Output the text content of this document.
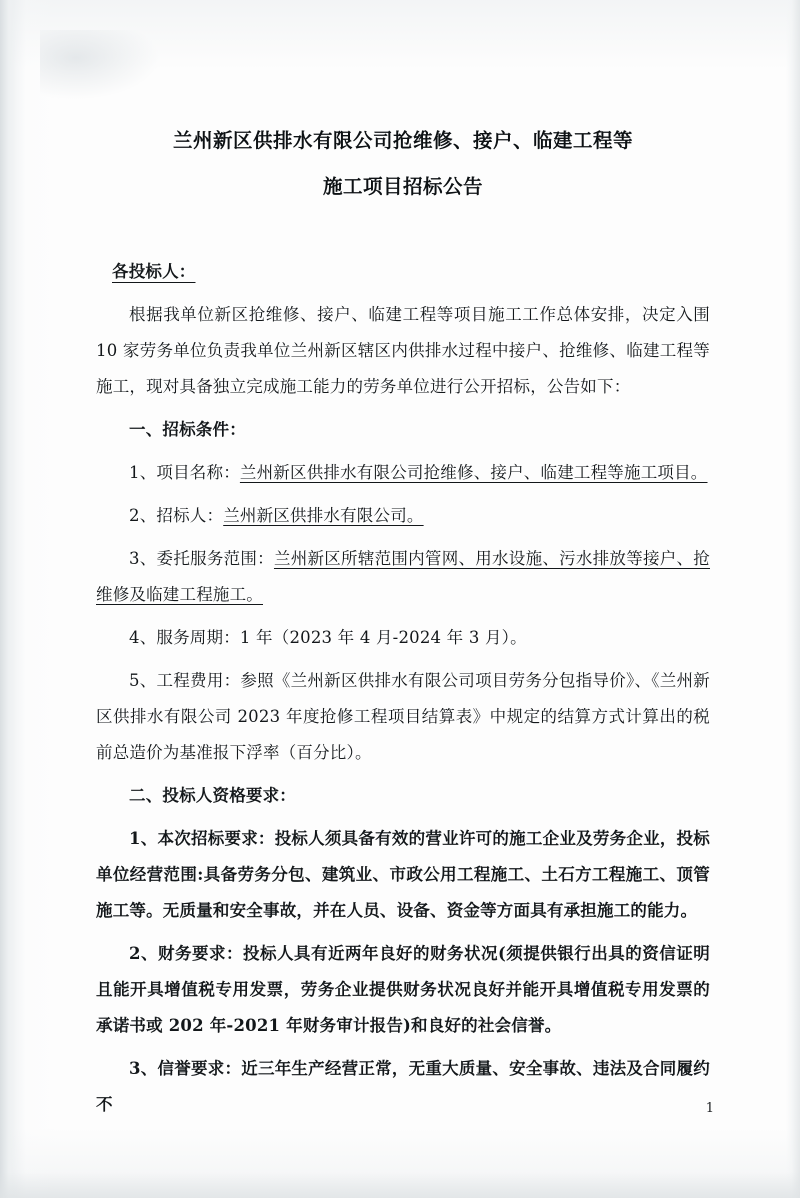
兰州新区供排水有限公司抢维修、接户、临建工程等
施工项目招标公告

各投标人：

根据我单位新区抢维修、接户、临建工程等项目施工工作总体安排，决定入围 10 家劳务单位负责我单位兰州新区辖区内供排水过程中接户、抢维修、临建工程等施工，现对具备独立完成施工能力的劳务单位进行公开招标，公告如下：

一、招标条件：

1、项目名称：兰州新区供排水有限公司抢维修、接户、临建工程等施工项目。

2、招标人：兰州新区供排水有限公司。

3、委托服务范围：兰州新区所辖范围内管网、用水设施、污水排放等接户、抢维修及临建工程施工。

4、服务周期：1 年（2023 年 4 月-2024 年 3 月）。

5、工程费用：参照《兰州新区供排水有限公司项目劳务分包指导价》、《兰州新区供排水有限公司 2023 年度抢修工程项目结算表》中规定的结算方式计算出的税前总造价为基准报下浮率（百分比）。

二、投标人资格要求：

1、本次招标要求：投标人须具备有效的营业许可的施工企业及劳务企业，投标单位经营范围:具备劳务分包、建筑业、市政公用工程施工、土石方工程施工、顶管施工等。无质量和安全事故，并在人员、设备、资金等方面具有承担施工的能力。

2、财务要求：投标人具有近两年良好的财务状况(须提供银行出具的资信证明且能开具增值税专用发票，劳务企业提供财务状况良好并能开具增值税专用发票的承诺书或 202 年-2021 年财务审计报告)和良好的社会信誉。

3、信誉要求：近三年生产经营正常，无重大质量、安全事故、违法及合同履约不	1
